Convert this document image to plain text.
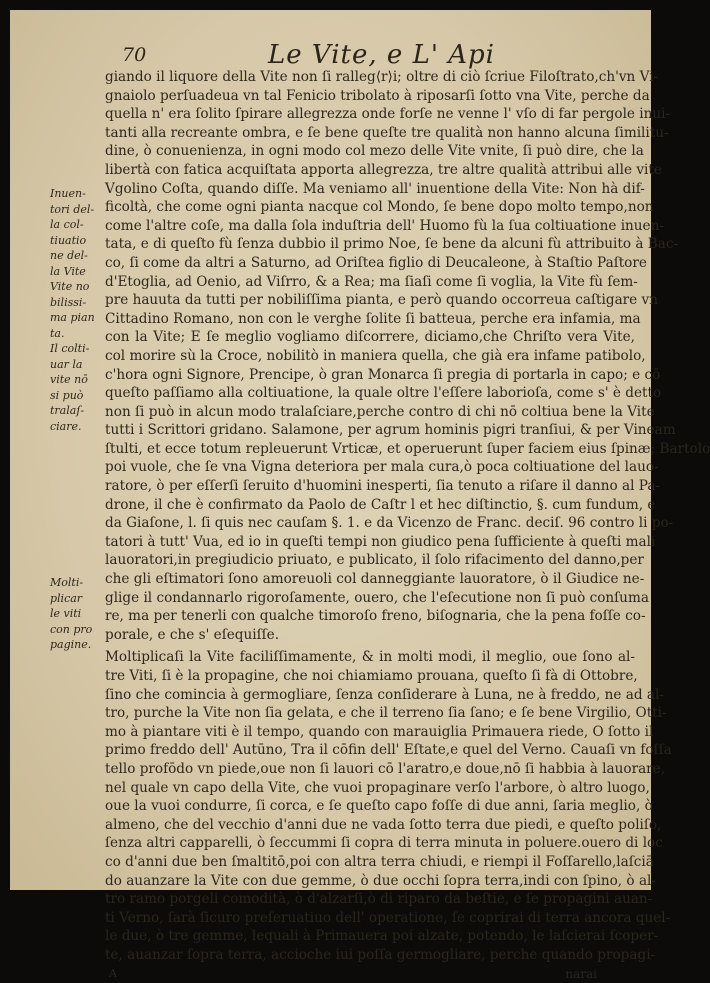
70	Le Vite, e L' Api
Inuen-
tori del-
la col-
tiuatio
ne del-
la Vite
Vite no
bilissi-
ma pian
ta.
Il colti-
uar la
vite nō
si può
tralaſ-
ciare.
Molti-
plicar
le viti
con pro
pagine.
giando il liquore della Vite non ſi ralleg⟨r⟩i; oltre di ciò ſcriue Filoſtrato,ch'vn Vi-
gnaiolo perſuadeua vn tal Fenicio tribolato à riposarſi ſotto vna Vite, perche da
quella n' era ſolito ſpirare allegrezza onde forſe ne venne l' vſo di far pergole inui-
tanti alla recreante ombra, e ſe bene queſte tre qualità non hanno alcuna ſimilitu-
dine, ò conuenienza, in ogni modo col mezo delle Vite vnite, ſi può dire, che la
libertà con fatica acquiſtata apporta allegrezza, tre altre qualità attribui alle vite
Vgolino Coſta, quando diſſe. Ma veniamo all' inuentione della Vite: Non hà dif-
ficoltà, che come ogni pianta nacque col Mondo, ſe bene dopo molto tempo,non
come l'altre coſe, ma dalla ſola induſtria dell' Huomo fù la ſua coltiuatione inuen-
tata, e di queſto fù ſenza dubbio il primo Noe, ſe bene da alcuni fù attribuito à Bac-
co, ſi come da altri a Saturno, ad Oriſtea figlio di Deucaleone, à Staſtio Paſtore
d'Etoglia, ad Oenio, ad Viſrro, & a Rea; ma ſiaſi come ſi voglia, la Vite fù ſem-
pre hauuta da tutti per nobiliſſima pianta, e però quando occorreua caſtigare vn
Cittadino Romano, non con le verghe ſolite ſi batteua, perche era infamia, ma
con la Vite; E ſe meglio vogliamo diſcorrere, diciamo,che Chriſto vera Vite,
col morire sù la Croce, nobilitò in maniera quella, che già era infame patibolo,
c'hora ogni Signore, Prencipe, ò gran Monarca ſi pregia di portarla in capo; e cō
queſto paſſiamo alla coltiuatione, la quale oltre l'eſſere laborioſa, come s' è detto
non ſi può in alcun modo tralaſciare,perche contro di chi nō coltiua bene la Vite
tutti i Scrittori gridano. Salamone, per agrum hominis pigri tranſiui, & per Vineam
ſtulti, et ecce totum repleuerunt Vrticæ, et operuerunt ſuper faciem eius ſpinæ; Bartolo
poi vuole, che ſe vna Vigna deteriora per mala cura,ò poca coltiuatione del lauo-
ratore, ò per eſſerſi ſeruito d'huomini inesperti, ſia tenuto a riſare il danno al Pa-
drone, il che è confirmato da Paolo de Caſtr l et hec diſtinctio, §. cum fundum, e
da Giaſone, l. ſi quis nec cauſam §. 1. e da Vicenzo de Franc. deciſ. 96 contro li po-
tatori à tutt' Vua, ed io in queſti tempi non giudico pena ſufficiente à queſti mali
lauoratori,in pregiudicio priuato, e publicato, il ſolo rifacimento del danno,per
che gli eſtimatori ſono amoreuoli col danneggiante lauoratore, ò il Giudice ne-
glige il condannarlo rigoroſamente, ouero, che l'eſecutione non ſi può conſuma
re, ma per tenerli con qualche timoroſo freno, biſognaria, che la pena foſſe co-
porale, e che s' eſequiſſe.
Moltiplicaſi la Vite faciliſſimamente, & in molti modi, il meglio, oue ſono al-
tre Viti, ſi è la propagine, che noi chiamiamo prouana, queſto ſi fà di Ottobre,
ſino che comincia à germogliare, ſenza conſiderare à Luna, ne à freddo, ne ad al-
tro, purche la Vite non ſia gelata, e che il terreno ſia ſano; e ſe bene Virgilio, Otti-
mo à piantare viti è il tempo, quando con marauiglia Primauera riede, O ſotto il
primo freddo dell' Autūno, Tra il cōfin dell' Eſtate,e quel del Verno. Cauaſi vn foſſa
tello profōdo vn piede,oue non ſi lauori cō l'aratro,e doue,nō ſi habbia à lauorare,
nel quale vn capo della Vite, che vuoi propaginare verſo l'arbore, ò altro luogo,
oue la vuoi condurre, ſi corca, e ſe queſto capo foſſe di due anni, ſaria meglio, ò
almeno, che del vecchio d'anni due ne vada ſotto terra due piedi, e queſto poliſo,
ſenza altri capparelli, ò ſeccummi ſi copra di terra minuta in poluere.ouero di loc
co d'anni due ben ſmaltitō,poi con altra terra chiudi, e riempi il Foſſarello,laſciā
do auanzare la Vite con due gemme, ò due occhi ſopra terra,indi con ſpino, ò al-
tro ramo porgeli comodità, ò d'alzarſi,ò di riparo da beſtie, e ſe propagini auan-
ti Verno, ſarà ſicuro preſeruatiuo dell' operatione, ſe coprirai di terra ancora quel-
le due, ò tre gemme, lequali à Primauera poi alzate, potendo, le laſcierai ſcoper-
te, auanzar ſopra terra, accioche iui poſſa germogliare, perche quando propagi-
A	narai
